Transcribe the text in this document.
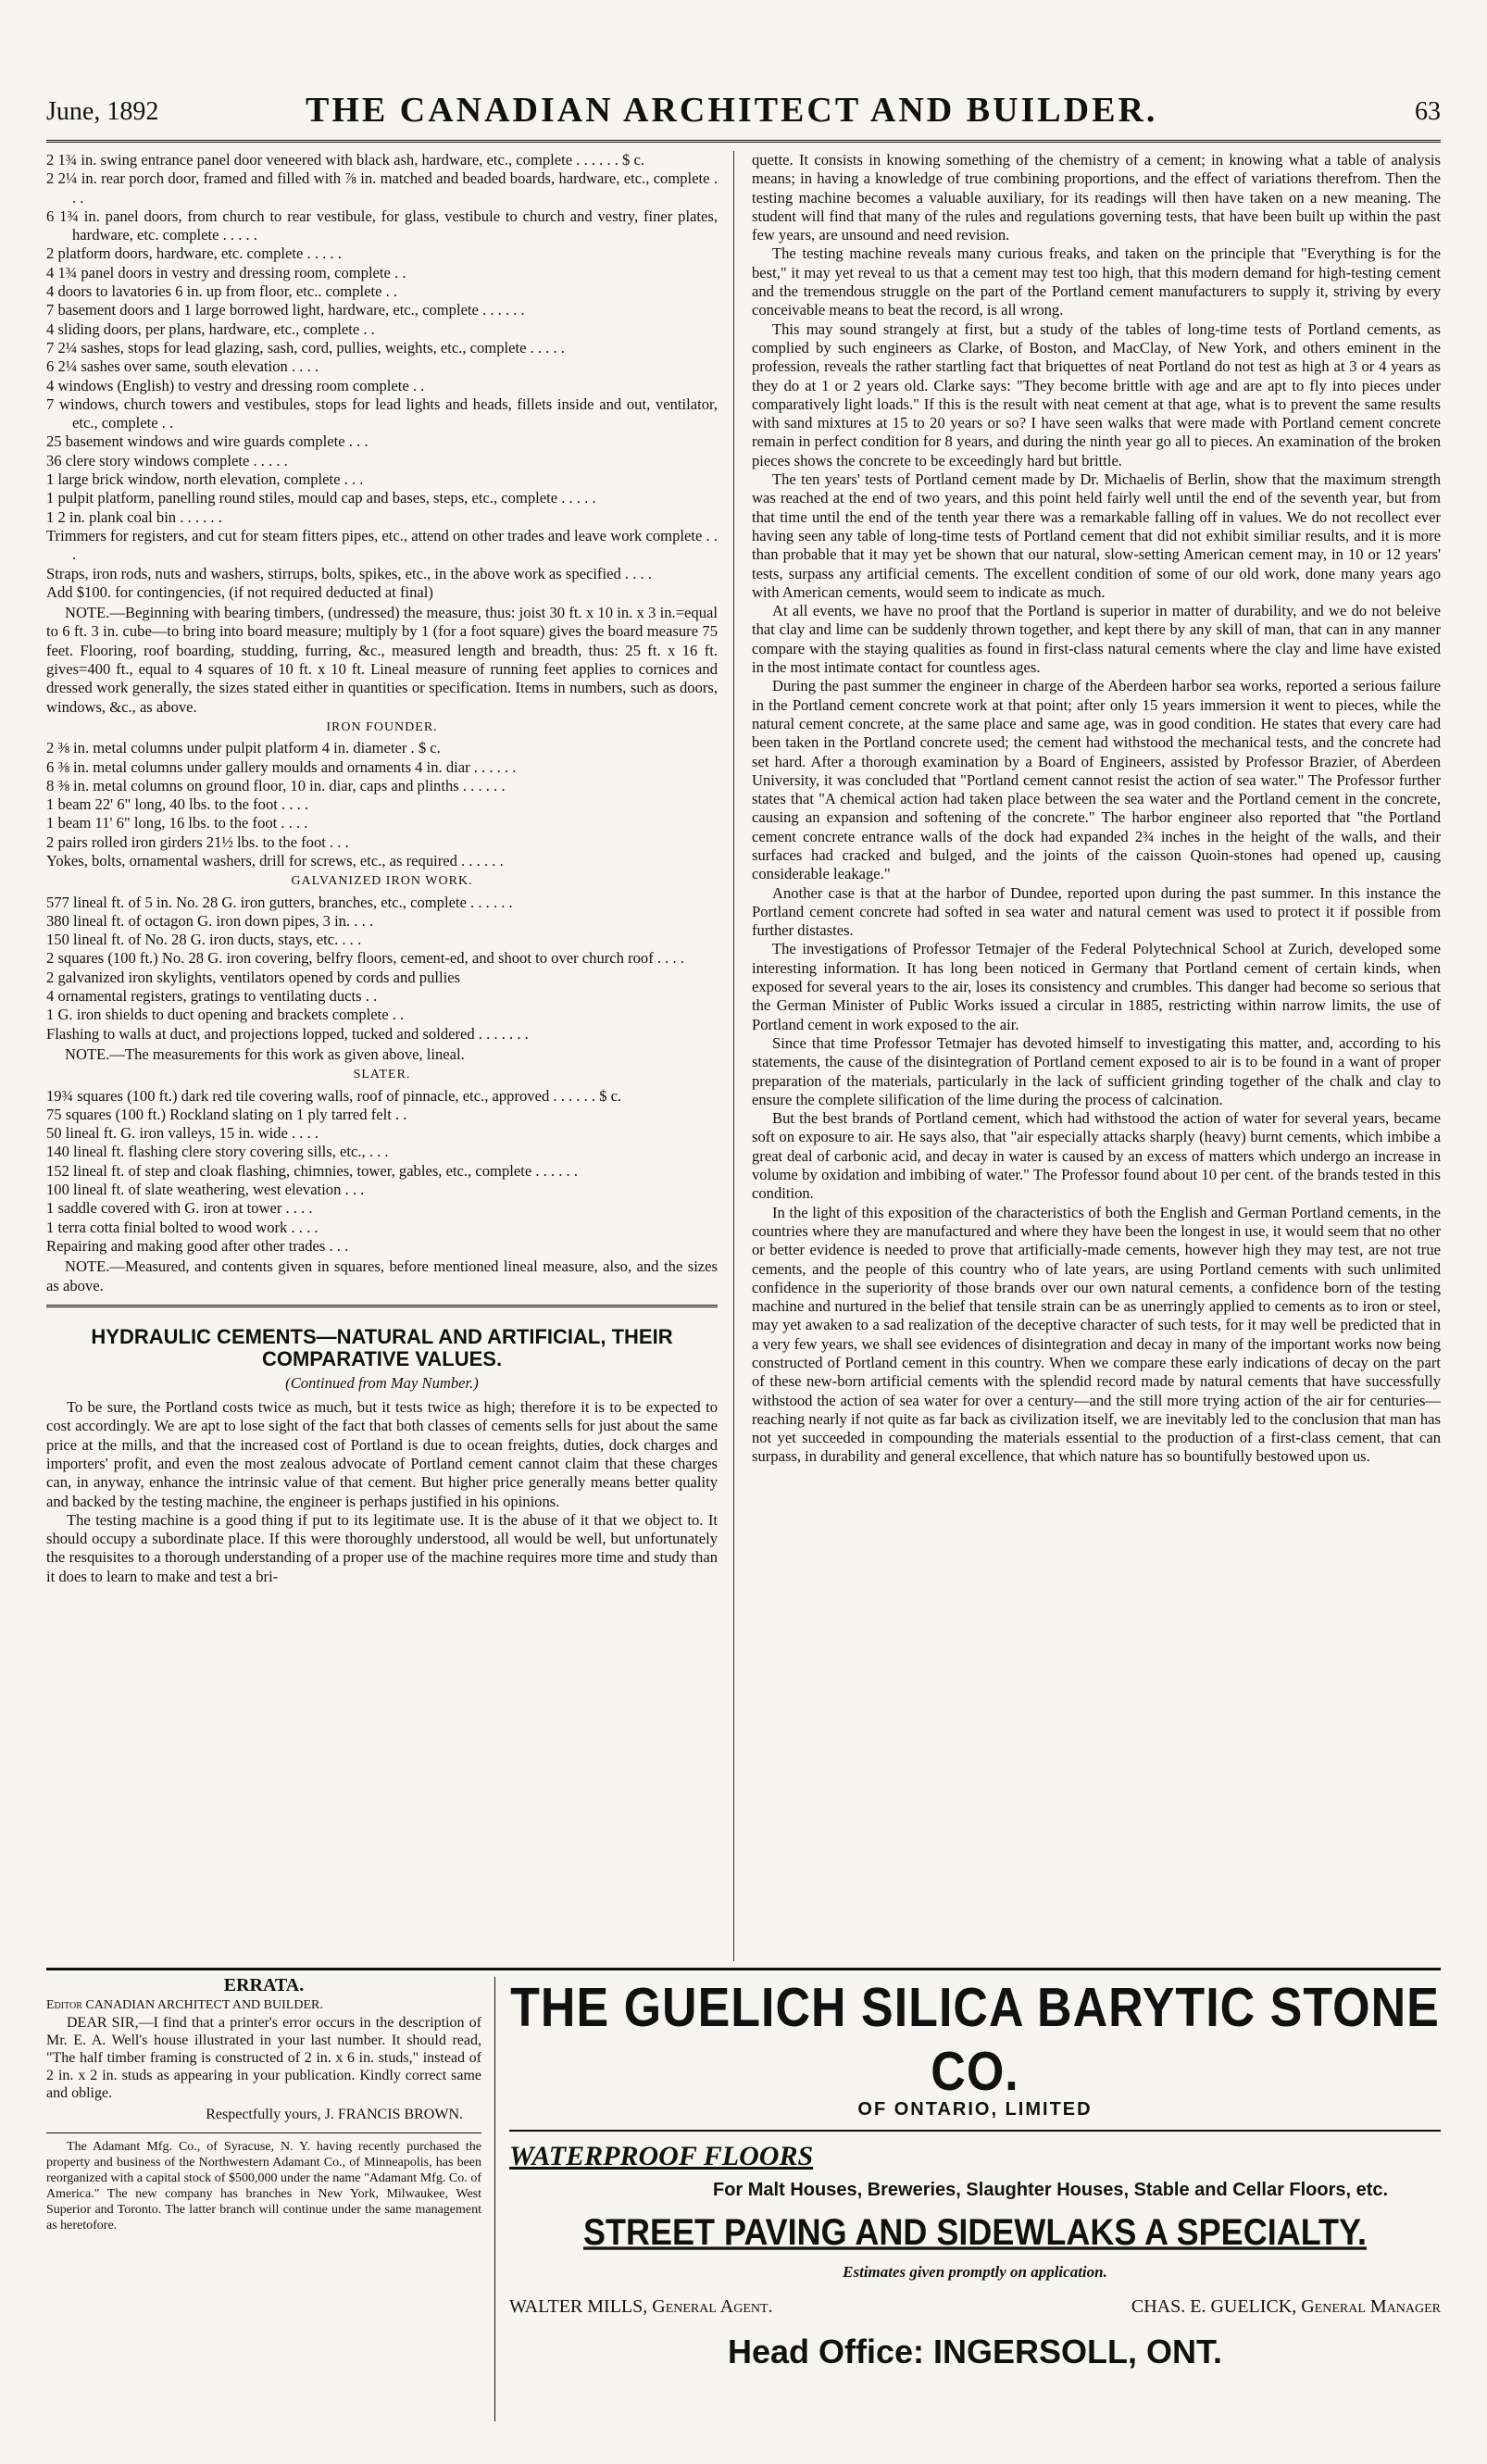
June, 1892	THE CANADIAN ARCHITECT AND BUILDER.	63

2 1¾ in. swing entrance panel door veneered with black ash, hardware, etc., complete . . . . . . $ c.

2 2¼ in. rear porch door, framed and filled with ⅞ in. matched and beaded boards, hardware, etc., complete . . .

6 1¾ in. panel doors, from church to rear vestibule, for glass, vestibule to church and vestry, finer plates, hardware, etc. complete . . . . .

2 platform doors, hardware, etc. complete . . . . .

4 1¾ panel doors in vestry and dressing room, complete . .

4 doors to lavatories 6 in. up from floor, etc.. complete . .

7 basement doors and 1 large borrowed light, hardware, etc., complete . . . . . .

4 sliding doors, per plans, hardware, etc., complete . .

7 2¼ sashes, stops for lead glazing, sash, cord, pullies, weights, etc., complete . . . . .

6 2¼ sashes over same, south elevation . . . .

4 windows (English) to vestry and dressing room complete . .

7 windows, church towers and vestibules, stops for lead lights and heads, fillets inside and out, ventilator, etc., complete . .

25 basement windows and wire guards complete . . .

36 clere story windows complete . . . . .

1 large brick window, north elevation, complete . . .

1 pulpit platform, panelling round stiles, mould cap and bases, steps, etc., complete . . . . .

1 2 in. plank coal bin . . . . . .

Trimmers for registers, and cut for steam fitters pipes, etc., attend on other trades and leave work complete . . .

Straps, iron rods, nuts and washers, stirrups, bolts, spikes, etc., in the above work as specified . . . .

Add $100. for contingencies, (if not required deducted at final)

NOTE.—Beginning with bearing timbers, (undressed) the measure, thus: joist 30 ft. x 10 in. x 3 in.=equal to 6 ft. 3 in. cube—to bring into board measure; multiply by 1 (for a foot square) gives the board measure 75 feet. Flooring, roof boarding, studding, furring, &c., measured length and breadth, thus: 25 ft. x 16 ft. gives=400 ft., equal to 4 squares of 10 ft. x 10 ft. Lineal measure of running feet applies to cornices and dressed work generally, the sizes stated either in quantities or specification. Items in numbers, such as doors, windows, &c., as above.

IRON FOUNDER.

2 ⅜ in. metal columns under pulpit platform 4 in. diameter . $ c.

6 ⅜ in. metal columns under gallery moulds and ornaments 4 in. diar . . . . . .

8 ⅜ in. metal columns on ground floor, 10 in. diar, caps and plinths . . . . . .

1 beam 22' 6" long, 40 lbs. to the foot . . . .

1 beam 11' 6" long, 16 lbs. to the foot . . . .

2 pairs rolled iron girders 21½ lbs. to the foot . . .

Yokes, bolts, ornamental washers, drill for screws, etc., as required . . . . . .

GALVANIZED IRON WORK.

577 lineal ft. of 5 in. No. 28 G. iron gutters, branches, etc., complete . . . . . .

380 lineal ft. of octagon G. iron down pipes, 3 in. . . .

150 lineal ft. of No. 28 G. iron ducts, stays, etc. . . .

2 squares (100 ft.) No. 28 G. iron covering, belfry floors, cement-ed, and shoot to over church roof . . . .

2 galvanized iron skylights, ventilators opened by cords and pullies

4 ornamental registers, gratings to ventilating ducts . .

1 G. iron shields to duct opening and brackets complete . .

Flashing to walls at duct, and projections lopped, tucked and soldered . . . . . . .

NOTE.—The measurements for this work as given above, lineal.

SLATER.

19¾ squares (100 ft.) dark red tile covering walls, roof of pinnacle, etc., approved . . . . . . $ c.

75 squares (100 ft.) Rockland slating on 1 ply tarred felt . .

50 lineal ft. G. iron valleys, 15 in. wide . . . .

140 lineal ft. flashing clere story covering sills, etc., . . .

152 lineal ft. of step and cloak flashing, chimnies, tower, gables, etc., complete . . . . . .

100 lineal ft. of slate weathering, west elevation . . .

1 saddle covered with G. iron at tower . . . .

1 terra cotta finial bolted to wood work . . . .

Repairing and making good after other trades . . .

NOTE.—Measured, and contents given in squares, before mentioned lineal measure, also, and the sizes as above.

HYDRAULIC CEMENTS—NATURAL AND ARTIFICIAL, THEIR COMPARATIVE VALUES.
(Continued from May Number.)

To be sure, the Portland costs twice as much, but it tests twice as high; therefore it is to be expected to cost accordingly. We are apt to lose sight of the fact that both classes of cements sells for just about the same price at the mills, and that the increased cost of Portland is due to ocean freights, duties, dock charges and importers' profit, and even the most zealous advocate of Portland cement cannot claim that these charges can, in anyway, enhance the intrinsic value of that cement. But higher price generally means better quality and backed by the testing machine, the engineer is perhaps justified in his opinions.

The testing machine is a good thing if put to its legitimate use. It is the abuse of it that we object to. It should occupy a subordinate place. If this were thoroughly understood, all would be well, but unfortunately the resquisites to a thorough understanding of a proper use of the machine requires more time and study than it does to learn to make and test a bri-

quette. It consists in knowing something of the chemistry of a cement; in knowing what a table of analysis means; in having a knowledge of true combining proportions, and the effect of variations therefrom. Then the testing machine becomes a valuable auxiliary, for its readings will then have taken on a new meaning. The student will find that many of the rules and regulations governing tests, that have been built up within the past few years, are unsound and need revision.

The testing machine reveals many curious freaks, and taken on the principle that "Everything is for the best," it may yet reveal to us that a cement may test too high, that this modern demand for high-testing cement and the tremendous struggle on the part of the Portland cement manufacturers to supply it, striving by every conceivable means to beat the record, is all wrong.

This may sound strangely at first, but a study of the tables of long-time tests of Portland cements, as complied by such engineers as Clarke, of Boston, and MacClay, of New York, and others eminent in the profession, reveals the rather startling fact that briquettes of neat Portland do not test as high at 3 or 4 years as they do at 1 or 2 years old. Clarke says: "They become brittle with age and are apt to fly into pieces under comparatively light loads." If this is the result with neat cement at that age, what is to prevent the same results with sand mixtures at 15 to 20 years or so? I have seen walks that were made with Portland cement concrete remain in perfect condition for 8 years, and during the ninth year go all to pieces. An examination of the broken pieces shows the concrete to be exceedingly hard but brittle.

The ten years' tests of Portland cement made by Dr. Michaelis of Berlin, show that the maximum strength was reached at the end of two years, and this point held fairly well until the end of the seventh year, but from that time until the end of the tenth year there was a remarkable falling off in values. We do not recollect ever having seen any table of long-time tests of Portland cement that did not exhibit similiar results, and it is more than probable that it may yet be shown that our natural, slow-setting American cement may, in 10 or 12 years' tests, surpass any artificial cements. The excellent condition of some of our old work, done many years ago with American cements, would seem to indicate as much.

At all events, we have no proof that the Portland is superior in matter of durability, and we do not beleive that clay and lime can be suddenly thrown together, and kept there by any skill of man, that can in any manner compare with the staying qualities as found in first-class natural cements where the clay and lime have existed in the most intimate contact for countless ages.

During the past summer the engineer in charge of the Aberdeen harbor sea works, reported a serious failure in the Portland cement concrete work at that point; after only 15 years immersion it went to pieces, while the natural cement concrete, at the same place and same age, was in good condition. He states that every care had been taken in the Portland concrete used; the cement had withstood the mechanical tests, and the concrete had set hard. After a thorough examination by a Board of Engineers, assisted by Professor Brazier, of Aberdeen University, it was concluded that "Portland cement cannot resist the action of sea water." The Professor further states that "A chemical action had taken place between the sea water and the Portland cement in the concrete, causing an expansion and softening of the concrete." The harbor engineer also reported that "the Portland cement concrete entrance walls of the dock had expanded 2¾ inches in the height of the walls, and their surfaces had cracked and bulged, and the joints of the caisson Quoin-stones had opened up, causing considerable leakage."

Another case is that at the harbor of Dundee, reported upon during the past summer. In this instance the Portland cement concrete had softed in sea water and natural cement was used to protect it if possible from further distastes.

The investigations of Professor Tetmajer of the Federal Polytechnical School at Zurich, developed some interesting information. It has long been noticed in Germany that Portland cement of certain kinds, when exposed for several years to the air, loses its consistency and crumbles. This danger had become so serious that the German Minister of Public Works issued a circular in 1885, restricting within narrow limits, the use of Portland cement in work exposed to the air.

Since that time Professor Tetmajer has devoted himself to investigating this matter, and, according to his statements, the cause of the disintegration of Portland cement exposed to air is to be found in a want of proper preparation of the materials, particularly in the lack of sufficient grinding together of the chalk and clay to ensure the complete silification of the lime during the process of calcination.

But the best brands of Portland cement, which had withstood the action of water for several years, became soft on exposure to air. He says also, that "air especially attacks sharply (heavy) burnt cements, which imbibe a great deal of carbonic acid, and decay in water is caused by an excess of matters which undergo an increase in volume by oxidation and imbibing of water." The Professor found about 10 per cent. of the brands tested in this condition.

In the light of this exposition of the characteristics of both the English and German Portland cements, in the countries where they are manufactured and where they have been the longest in use, it would seem that no other or better evidence is needed to prove that artificially-made cements, however high they may test, are not true cements, and the people of this country who of late years, are using Portland cements with such unlimited confidence in the superiority of those brands over our own natural cements, a confidence born of the testing machine and nurtured in the belief that tensile strain can be as unerringly applied to cements as to iron or steel, may yet awaken to a sad realization of the deceptive character of such tests, for it may well be predicted that in a very few years, we shall see evidences of disintegration and decay in many of the important works now being constructed of Portland cement in this country. When we compare these early indications of decay on the part of these new-born artificial cements with the splendid record made by natural cements that have successfully withstood the action of sea water for over a century—and the still more trying action of the air for centuries—reaching nearly if not quite as far back as civilization itself, we are inevitably led to the conclusion that man has not yet succeeded in compounding the materials essential to the production of a first-class cement, that can surpass, in durability and general excellence, that which nature has so bountifully bestowed upon us.

ERRATA.
Editor CANADIAN ARCHITECT AND BUILDER.

DEAR SIR,—I find that a printer's error occurs in the description of Mr. E. A. Well's house illustrated in your last number. It should read, "The half timber framing is constructed of 2 in. x 6 in. studs," instead of 2 in. x 2 in. studs as appearing in your publication. Kindly correct same and oblige.

Respectfully yours, J. FRANCIS BROWN.

The Adamant Mfg. Co., of Syracuse, N. Y. having recently purchased the property and business of the Northwestern Adamant Co., of Minneapolis, has been reorganized with a capital stock of $500,000 under the name "Adamant Mfg. Co. of America." The new company has branches in New York, Milwaukee, West Superior and Toronto. The latter branch will continue under the same management as heretofore.

THE GUELICH SILICA BARYTIC STONE CO.
OF ONTARIO, LIMITED
WATERPROOF FLOORS
For Malt Houses, Breweries, Slaughter Houses, Stable and Cellar Floors, etc.
STREET PAVING AND SIDEWLAKS A SPECIALTY.
Estimates given promptly on application.
WALTER MILLS, General Agent.	CHAS. E. GUELICK, General Manager
Head Office: INGERSOLL, ONT.
